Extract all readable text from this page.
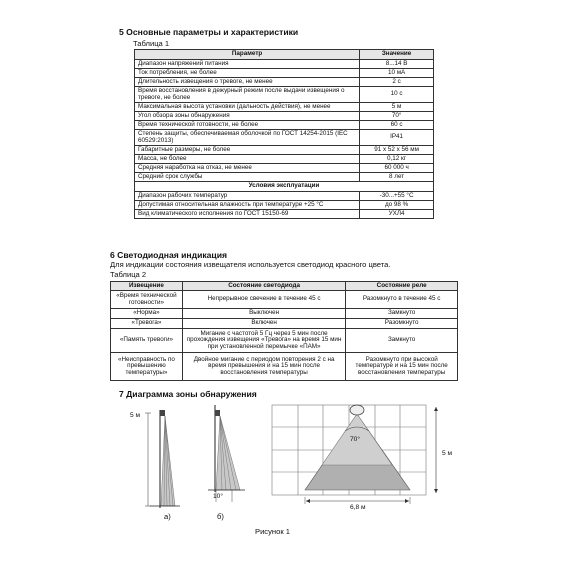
5 Основные параметры и характеристики
Таблица 1
Параметр	Значение
Диапазон напряжений питания	8...14 В
Ток потребления, не более	10 мА
Длительность извещения о тревоге, не менее	2 с
Время восстановления в дежурный режим после выдачи извещения о тревоге, не более	10 с
Максимальная высота установки (дальность действия), не менее	5 м
Угол обзора зоны обнаружения	70°
Время технической готовности, не более	60 с
Степень защиты, обеспечиваемая оболочкой по ГОСТ 14254-2015 (IEC 60529:2013)	IP41
Габаритные размеры, не более	91 х 52 х 56 мм
Масса, не более	0,12 кг
Средняя наработка на отказ, не менее	60 000 ч
Средний срок службы	8 лет
Условия эксплуатации	
Диапазон рабочих температур	-30...+55 °С
Допустимая относительная влажность при температуре +25 °С	до 98 %
Вид климатического исполнения по ГОСТ 15150-69	УХЛ4
6 Светодиодная индикация
Для индикации состояния извещателя используется светодиод красного цвета.
Таблица 2
Извещение	Состояние светодиода	Состояние реле
«Время технической готовности»	Непрерывное свечение в течение 45 с	Разомкнуто в течение 45 с
«Норма»	Выключен	Замкнуто
«Тревога»	Включен	Разомкнуто
«Память тревоги»	Мигание с частотой 5 Гц через 5 мин после прохождения извещения «Тревога» на время 15 мин при установленной перемычке «ПАМ»	Замкнуто
«Неисправность по превышению температуры»	Двойное мигание с периодом повторения 2 с на время превышения и на 15 мин после восстановления температуры	Разомкнуто при высокой температуре и на 15 мин после восстановления температуры
7 Диаграмма зоны обнаружения
5 м
10°
70°
6,8 м
5 м
а)	б)
Рисунок 1
